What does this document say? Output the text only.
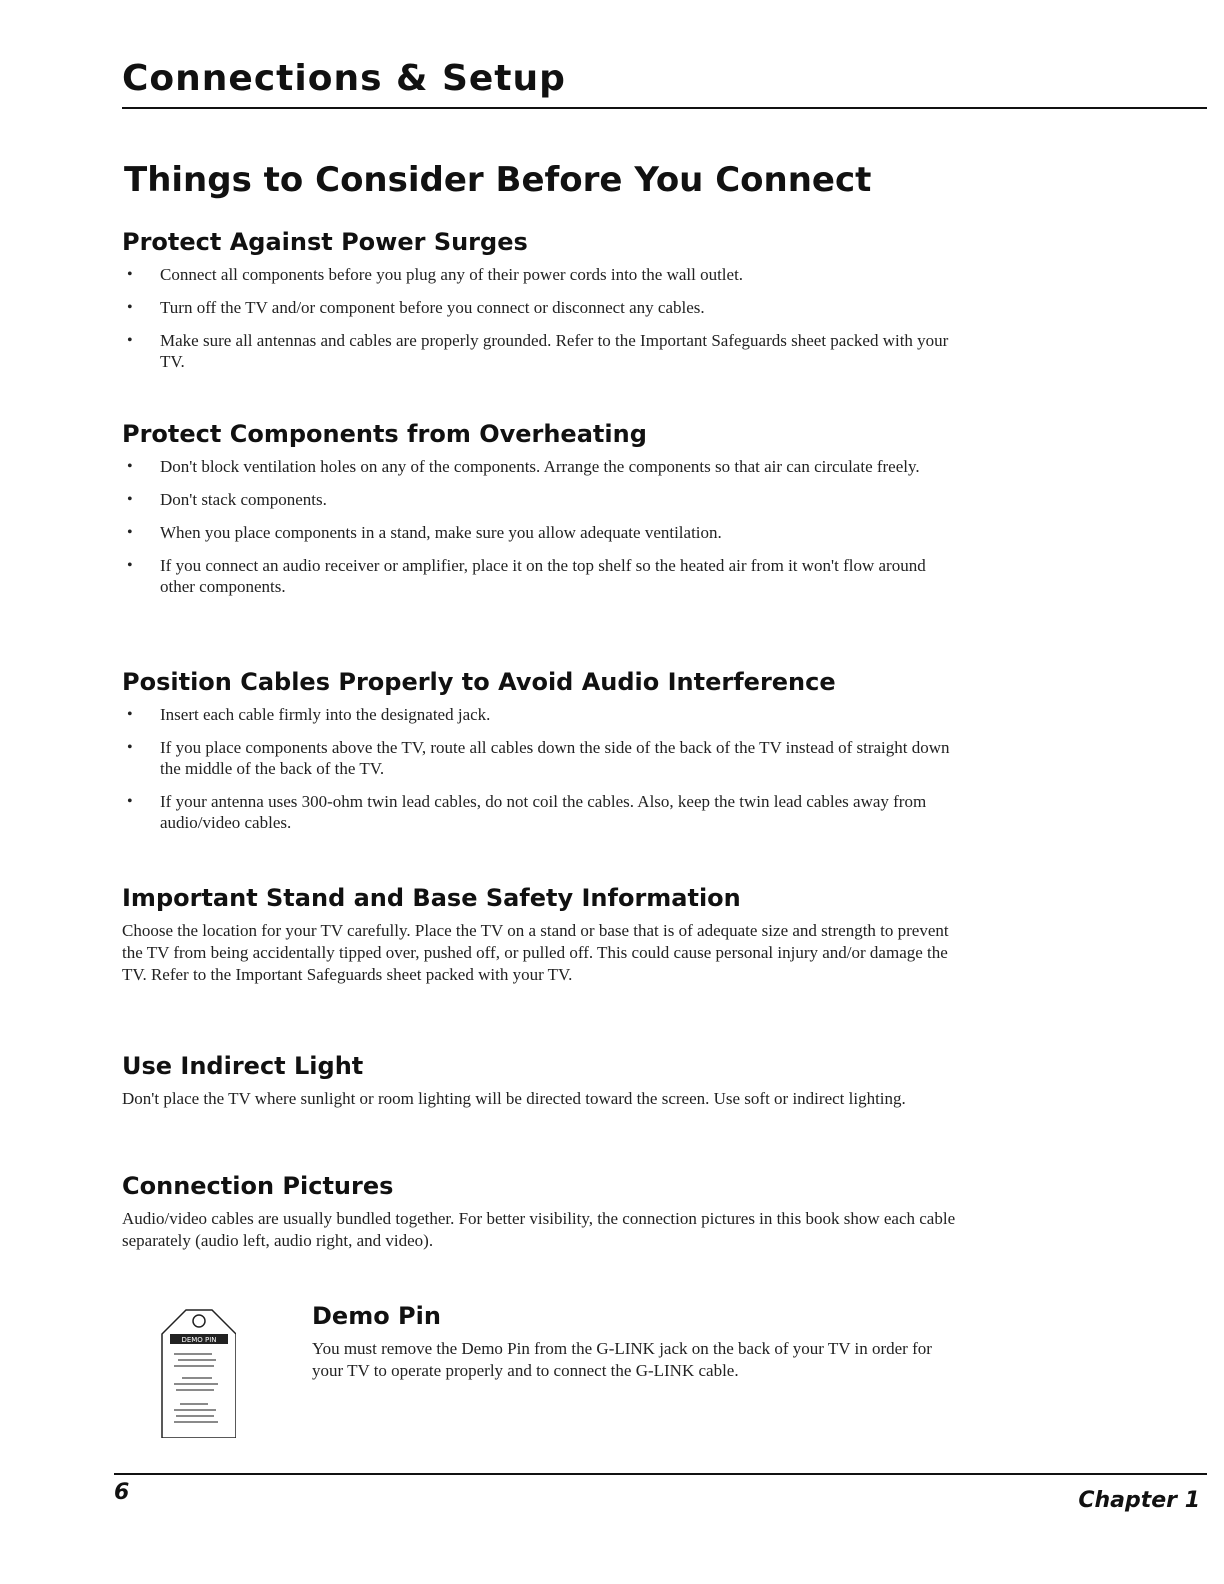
Connections & Setup
Things to Consider Before You Connect
Protect Against Power Surges
• Connect all components before you plug any of their power cords into the wall outlet.
• Turn off the TV and/or component before you connect or disconnect any cables.
• Make sure all antennas and cables are properly grounded. Refer to the Important Safeguards sheet packed with your TV.
Protect Components from Overheating
• Don't block ventilation holes on any of the components. Arrange the components so that air can circulate freely.
• Don't stack components.
• When you place components in a stand, make sure you allow adequate ventilation.
• If you connect an audio receiver or amplifier, place it on the top shelf so the heated air from it won't flow around other components.
Position Cables Properly to Avoid Audio Interference
• Insert each cable firmly into the designated jack.
• If you place components above the TV, route all cables down the side of the back of the TV instead of straight down the middle of the back of the TV.
• If your antenna uses 300-ohm twin lead cables, do not coil the cables. Also, keep the twin lead cables away from audio/video cables.
Important Stand and Base Safety Information

Choose the location for your TV carefully. Place the TV on a stand or base that is of adequate size and strength to prevent the TV from being accidentally tipped over, pushed off, or pulled off. This could cause personal injury and/or damage the TV. Refer to the Important Safeguards sheet packed with your TV.

Use Indirect Light

Don't place the TV where sunlight or room lighting will be directed toward the screen. Use soft or indirect lighting.

Connection Pictures

Audio/video cables are usually bundled together. For better visibility, the connection pictures in this book show each cable separately (audio left, audio right, and video).

DEMO PIN
Demo Pin

You must remove the Demo Pin from the G-LINK jack on the back of your TV in order for your TV to operate properly and to connect the G-LINK cable.

6	Chapter 1
